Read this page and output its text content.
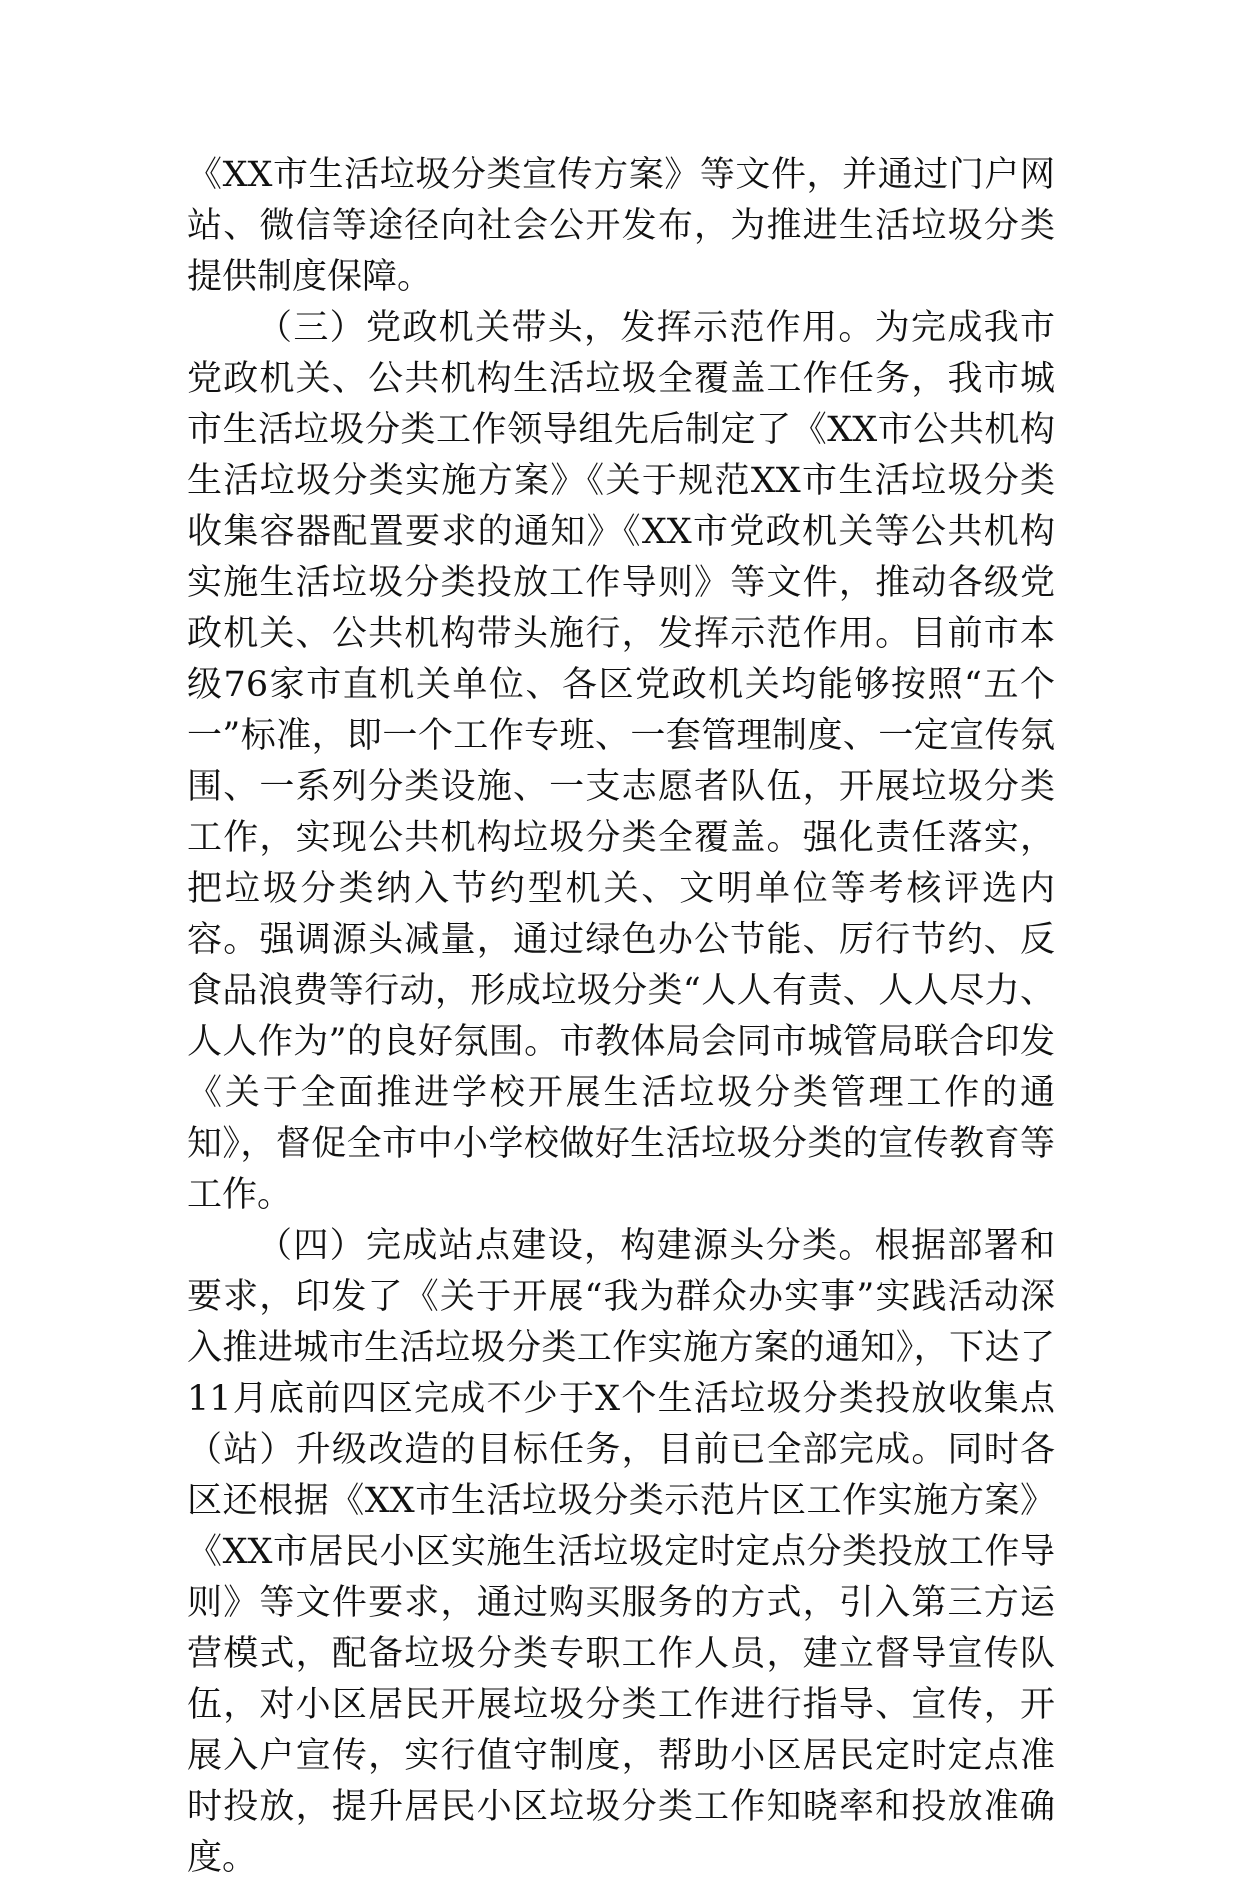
《XX市生活垃圾分类宣传方案》等文件，并通过门户网站、微信等途径向社会公开发布，为推进生活垃圾分类提供制度保障。

（三）党政机关带头，发挥示范作用。为完成我市党政机关、公共机构生活垃圾全覆盖工作任务，我市城市生活垃圾分类工作领导组先后制定了《XX市公共机构生活垃圾分类实施方案》《关于规范XX市生活垃圾分类收集容器配置要求的通知》《XX市党政机关等公共机构实施生活垃圾分类投放工作导则》等文件，推动各级党政机关、公共机构带头施行，发挥示范作用。目前市本级76家市直机关单位、各区党政机关均能够按照“五个一”标准，即一个工作专班、一套管理制度、一定宣传氛围、一系列分类设施、一支志愿者队伍，开展垃圾分类工作，实现公共机构垃圾分类全覆盖。强化责任落实，把垃圾分类纳入节约型机关、文明单位等考核评选内容。强调源头减量，通过绿色办公节能、厉行节约、反食品浪费等行动，形成垃圾分类“人人有责、人人尽力、人人作为”的良好氛围。市教体局会同市城管局联合印发《关于全面推进学校开展生活垃圾分类管理工作的通知》，督促全市中小学校做好生活垃圾分类的宣传教育等工作。

（四）完成站点建设，构建源头分类。根据部署和要求，印发了《关于开展“我为群众办实事”实践活动深入推进城市生活垃圾分类工作实施方案的通知》，下达了11月底前四区完成不少于X个生活垃圾分类投放收集点（站）升级改造的目标任务，目前已全部完成。同时各区还根据《XX市生活垃圾分类示范片区工作实施方案》《XX市居民小区实施生活垃圾定时定点分类投放工作导则》等文件要求，通过购买服务的方式，引入第三方运营模式，配备垃圾分类专职工作人员，建立督导宣传队伍，对小区居民开展垃圾分类工作进行指导、宣传，开展入户宣传，实行值守制度，帮助小区居民定时定点准时投放，提升居民小区垃圾分类工作知晓率和投放准确度。
